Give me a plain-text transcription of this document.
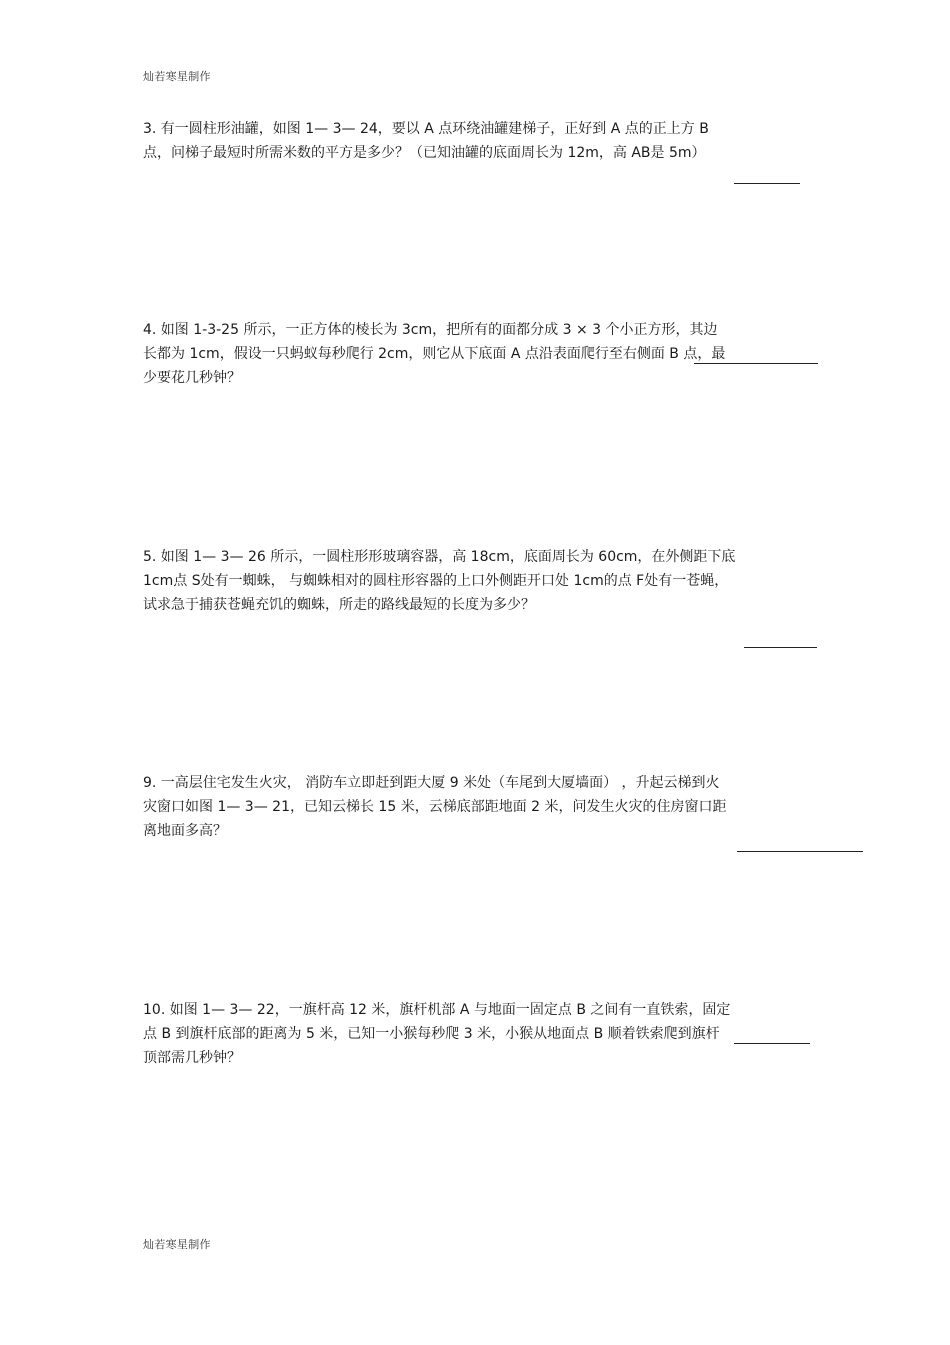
灿若寒星制作
3. 有一圆柱形油罐，如图 1— 3— 24，要以 A 点环绕油罐建梯子，正好到 A 点的正上方 B
点，问梯子最短时所需米数的平方是多少？（已知油罐的底面周长为 12m，高 AB是 5m）
4. 如图 1-3-25 所示，一正方体的棱长为 3cm，把所有的面都分成 3 × 3 个小正方形，其边
长都为 1cm，假设一只蚂蚁每秒爬行 2cm，则它从下底面 A 点沿表面爬行至右侧面 B 点，最
少要花几秒钟？
5. 如图 1— 3— 26 所示，一圆柱形形玻璃容器，高 18cm，底面周长为 60cm，在外侧距下底
1cm点 S处有一蜘蛛， 与蜘蛛相对的圆柱形容器的上口外侧距开口处 1cm的点 F处有一苍蝇，
试求急于捕获苍蝇充饥的蜘蛛，所走的路线最短的长度为多少？
9. 一高层住宅发生火灾， 消防车立即赶到距大厦 9 米处（车尾到大厦墙面） ，升起云梯到火
灾窗口如图 1— 3— 21，已知云梯长 15 米，云梯底部距地面 2 米，问发生火灾的住房窗口距
离地面多高？
10. 如图 1— 3— 22，一旗杆高 12 米，旗杆机部 A 与地面一固定点 B 之间有一直铁索，固定
点 B 到旗杆底部的距离为 5 米，已知一小猴每秒爬 3 米，小猴从地面点 B 顺着铁索爬到旗杆
顶部需几秒钟？
灿若寒星制作
